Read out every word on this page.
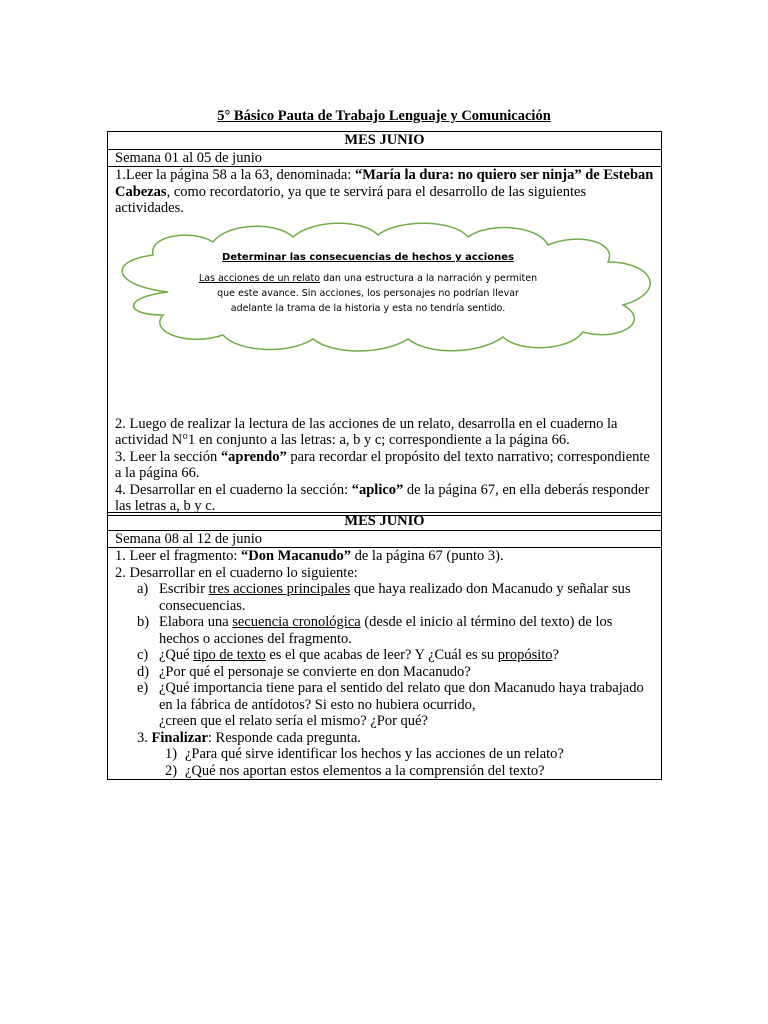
5° Básico Pauta de Trabajo Lenguaje y Comunicación
MES JUNIO
Semana 01 al 05 de junio

1.Leer la página 58 a la 63, denominada: “María la dura: no quiero ser ninja” de Esteban Cabezas, como recordatorio, ya que te servirá para el desarrollo de las siguientes actividades.

Determinar las consecuencias de hechos y acciones
Las acciones de un relato dan una estructura a la narración y permiten que este avance. Sin acciones, los personajes no podrían llevar adelante la trama de la historia y esta no tendría sentido.

2. Luego de realizar la lectura de las acciones de un relato, desarrolla en el cuaderno la actividad N°1 en conjunto a las letras: a, b y c; correspondiente a la página 66.

3. Leer la sección “aprendo” para recordar el propósito del texto narrativo; correspondiente a la página 66.

4. Desarrollar en el cuaderno la sección: “aplico” de la página 67, en ella deberás responder las letras a, b y c.

MES JUNIO
Semana 08 al 12 de junio

1. Leer el fragmento: “Don Macanudo” de la página 67 (punto 3).

2. Desarrollar en el cuaderno lo siguiente:

a) Escribir tres acciones principales que haya realizado don Macanudo y señalar sus consecuencias.
b) Elabora una secuencia cronológica (desde el inicio al término del texto) de los hechos o acciones del fragmento.
c) ¿Qué tipo de texto es el que acabas de leer? Y ¿Cuál es su propósito?
d) ¿Por qué el personaje se convierte en don Macanudo?
e) ¿Qué importancia tiene para el sentido del relato que don Macanudo haya trabajado en la fábrica de antídotos? Si esto no hubiera ocurrido,
¿creen que el relato sería el mismo? ¿Por qué?
3. Finalizar: Responde cada pregunta.
1) ¿Para qué sirve identificar los hechos y las acciones de un relato?
2) ¿Qué nos aportan estos elementos a la comprensión del texto?
